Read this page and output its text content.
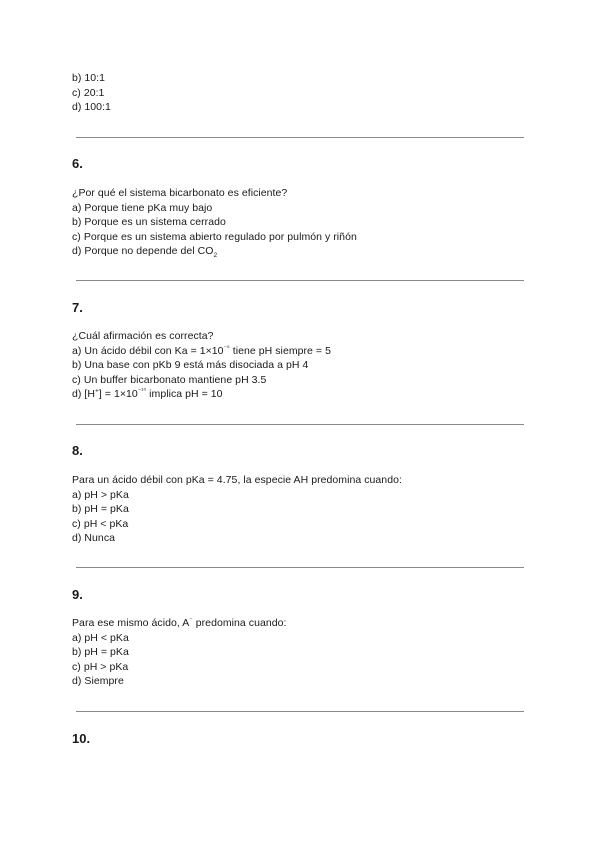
b) 10:1
c) 20:1
d) 100:1
6.
¿Por qué el sistema bicarbonato es eficiente?
a) Porque tiene pKa muy bajo
b) Porque es un sistema cerrado
c) Porque es un sistema abierto regulado por pulmón y riñón
d) Porque no depende del $CO_2$
7.
¿Cuál afirmación es correcta?
a) Un ácido débil con $Ka = 1\times 10^{^{-5}}$ tiene pH siempre = 5
b) Una base con pKb 9 está más disociada a pH 4
c) Un buffer bicarbonato mantiene pH 3.5
d) $[H^+] = 1\times 10^{^{-10}}$ implica pH = 10
8.
Para un ácido débil con pKa = 4.75, la especie AH predomina cuando:
a) pH > pKa
b) pH = pKa
c) pH < pKa
d) Nunca
9.
Para ese mismo ácido, A⁻ predomina cuando:
a) pH < pKa
b) pH = pKa
c) pH > pKa
d) Siempre
10.
